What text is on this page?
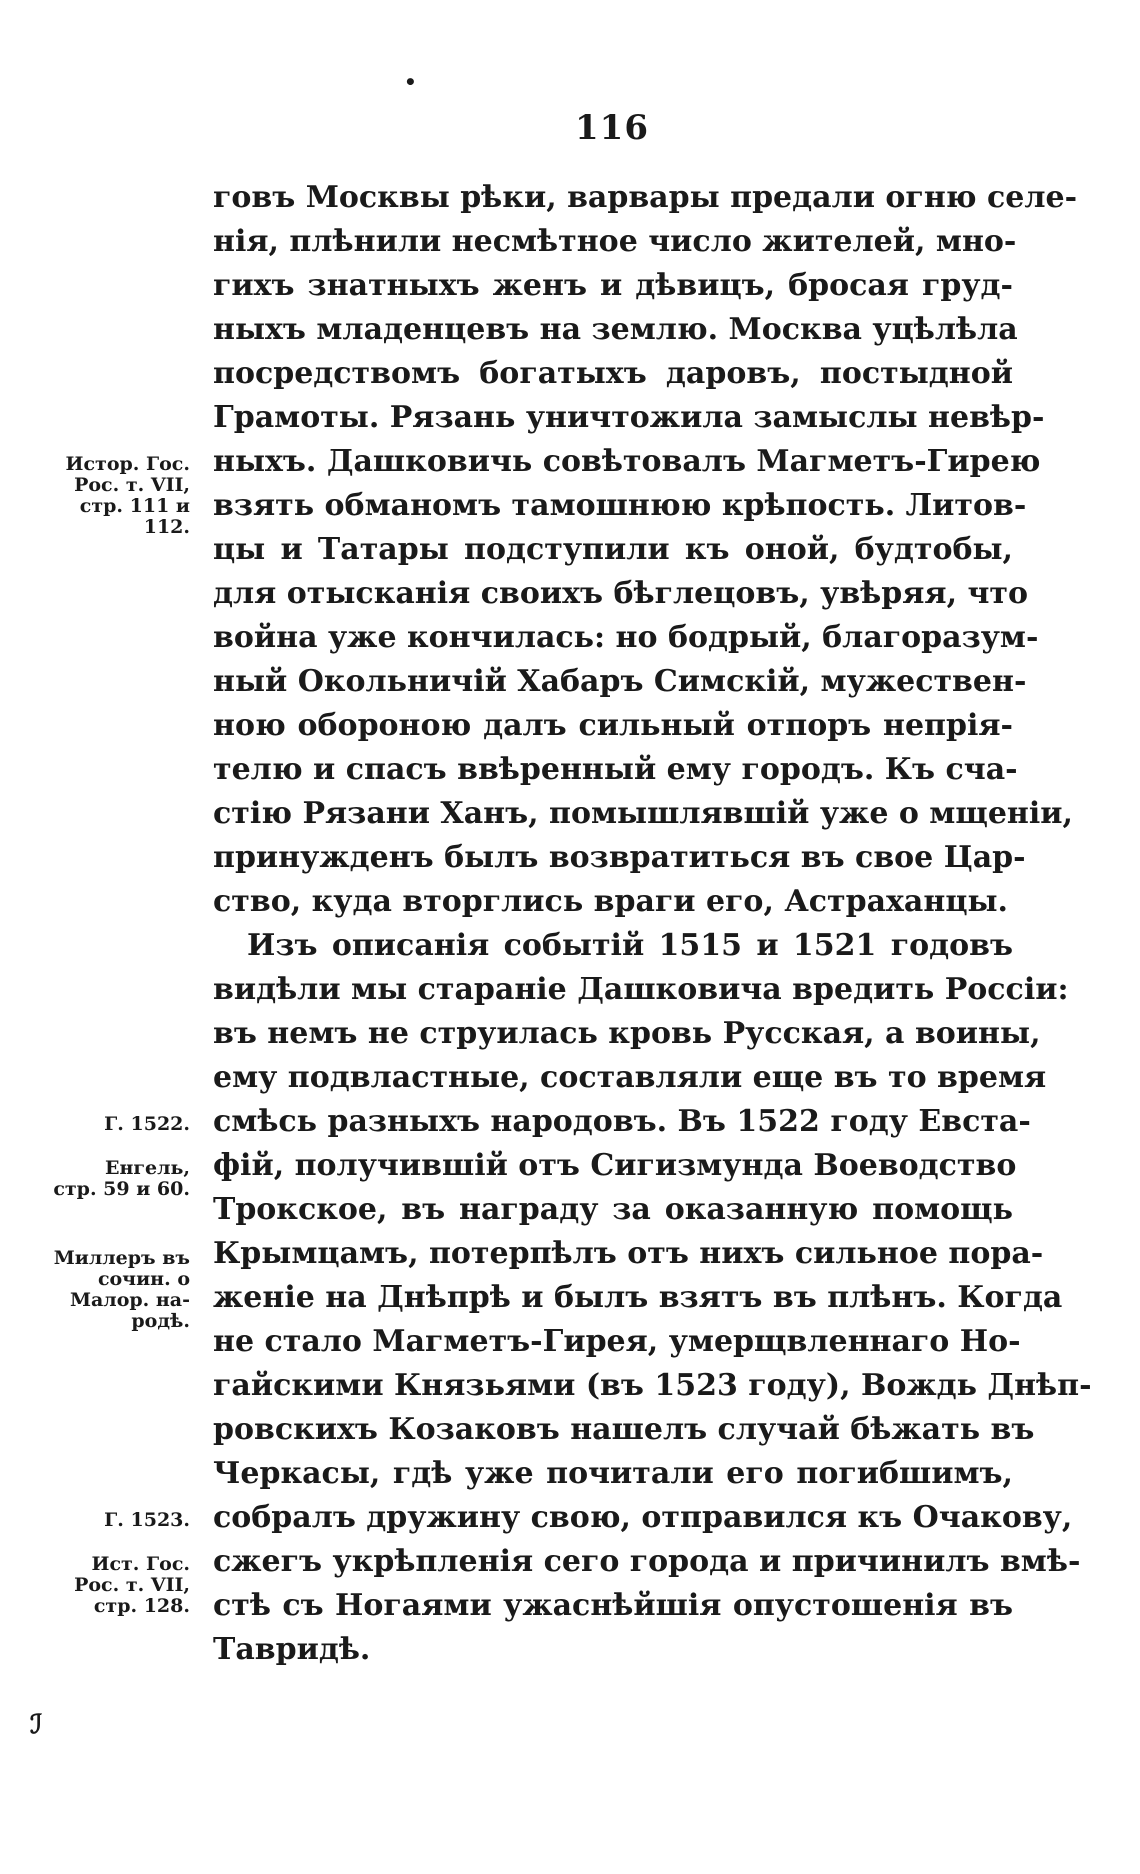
116
говъ Москвы рѣки, варвары предали огню селе-
нія, плѣнили несмѣтное число жителей, мно-
гихъ знатныхъ женъ и дѣвицъ, бросая груд-
ныхъ младенцевъ на землю. Москва уцѣлѣла
посредствомъ богатыхъ даровъ, постыдной
Грамоты. Рязань уничтожила замыслы невѣр-
ныхъ. Дашковичь совѣтовалъ Магметъ-Гирею
взять обманомъ тамошнюю крѣпость. Литов-
цы и Татары подступили къ оной, будтобы,
для отысканія своихъ бѣглецовъ, увѣряя, что
война уже кончилась: но бодрый, благоразум-
ный Окольничій Хабаръ Симскій, мужествен-
ною обороною далъ сильный отпоръ непрія-
телю и спасъ ввѣренный ему городъ. Къ сча-
стію Рязани Ханъ, помышлявшій уже о мщеніи,
принужденъ былъ возвратиться въ свое Цар-
ство, куда вторглись враги его, Астраханцы.
Изъ описанія событій 1515 и 1521 годовъ
видѣли мы стараніе Дашковича вредить Россіи:
въ немъ не струилась кровь Русская, а воины,
ему подвластные, составляли еще въ то время
смѣсь разныхъ народовъ. Въ 1522 году Евста-
фій, получившій отъ Сигизмунда Воеводство
Трокское, въ награду за оказанную помощь
Крымцамъ, потерпѣлъ отъ нихъ сильное пора-
женіе на Днѣпрѣ и былъ взятъ въ плѣнъ. Когда
не стало Магметъ-Гирея, умерщвленнаго Но-
гайскими Князьями (въ 1523 году), Вождь Днѣп-
ровскихъ Козаковъ нашелъ случай бѣжать въ
Черкасы, гдѣ уже почитали его погибшимъ,
собралъ дружину свою, отправился къ Очакову,
сжегъ укрѣпленія сего города и причинилъ вмѣ-
стѣ съ Ногаями ужаснѣйшія опустошенія въ
Тавридѣ.
Истор. Гос.
Рос. т. VII,
стр. 111 и
112.
Г. 1522.
Енгель,
стр. 59 и 60.
Миллеръ въ
сочин. о
Малор. на-
родѣ.
Г. 1523.
Ист. Гос.
Рос. т. VII,
стр. 128.
•
ℐ
